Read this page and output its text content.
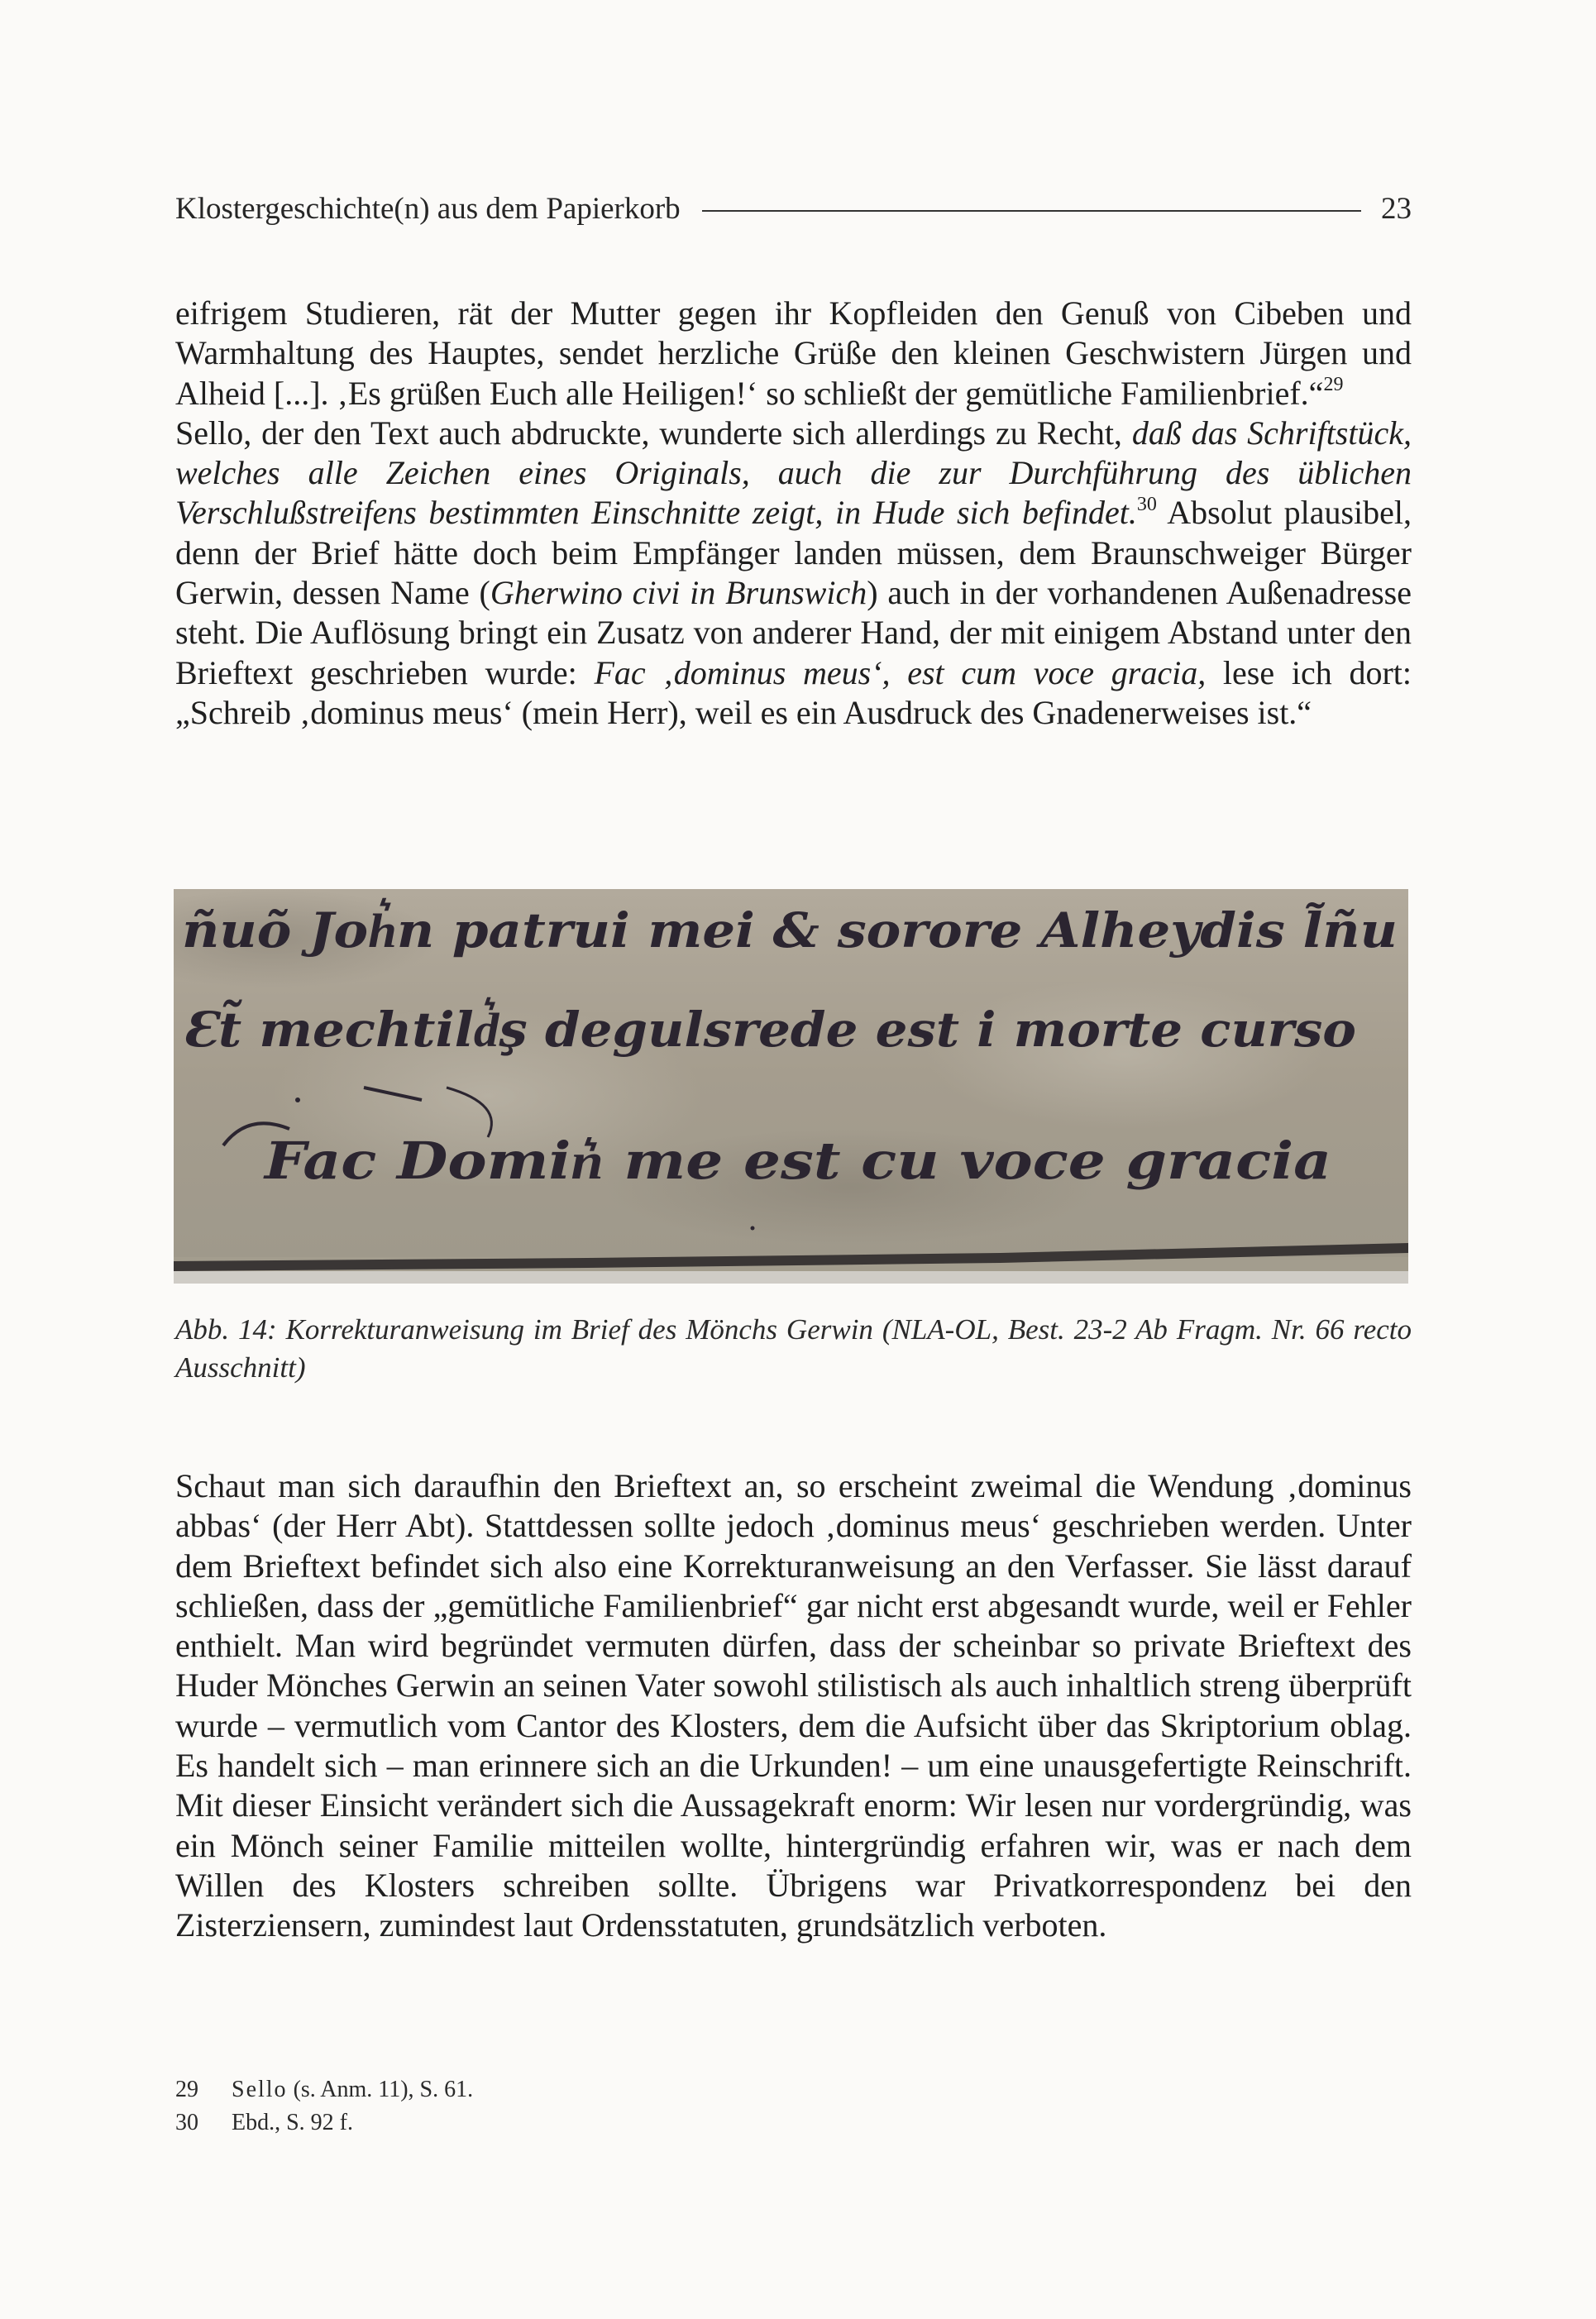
Klostergeschichte(n) aus dem Papierkorb	23

eifrigem Studieren, rät der Mutter gegen ihr Kopfleiden den Genuß von Cibeben und Warmhaltung des Hauptes, sendet herzliche Grüße den kleinen Geschwistern Jürgen und Alheid [...]. ‚Es grüßen Euch alle Heiligen!‘ so schließt der gemütliche Familienbrief.“$^{29}$
Sello, der den Text auch abdruckte, wunderte sich allerdings zu Recht, daß das Schriftstück, welches alle Zeichen eines Originals, auch die zur Durchführung des üblichen Verschlußstreifens bestimmten Einschnitte zeigt, in Hude sich befindet.$^{30}$ Absolut plausibel, denn der Brief hätte doch beim Empfänger landen müssen, dem Braunschweiger Bürger Gerwin, dessen Name (Gherwino civi in Brunswich) auch in der vorhandenen Außenadresse steht. Die Auflösung bringt ein Zusatz von anderer Hand, der mit einigem Abstand unter den Brieftext geschrieben wurde: Fac ‚dominus meus‘, est cum voce gracia, lese ich dort: „Schreib ‚dominus meus‘ (mein Herr), weil es ein Ausdruck des Gnadenerweises ist.“

ñuõ Joh͛n patrui mei & sorore Alheydis l̃ñu
Ɛt̃ mechtild͛ş degulsrede est i morte curso
Fac Domin͛ me est cu voce gracia

Abb. 14: Korrekturanweisung im Brief des Mönchs Gerwin (NLA-OL, Best. 23-2 Ab Fragm. Nr. 66 recto Ausschnitt)

Schaut man sich daraufhin den Brieftext an, so erscheint zweimal die Wendung ‚dominus abbas‘ (der Herr Abt). Stattdessen sollte jedoch ‚dominus meus‘ geschrieben werden. Unter dem Brieftext befindet sich also eine Korrekturanweisung an den Verfasser. Sie lässt darauf schließen, dass der „gemütliche Familienbrief“ gar nicht erst abgesandt wurde, weil er Fehler enthielt. Man wird begründet vermuten dürfen, dass der scheinbar so private Brieftext des Huder Mönches Gerwin an seinen Vater sowohl stilistisch als auch inhaltlich streng überprüft wurde – vermutlich vom Cantor des Klosters, dem die Aufsicht über das Skriptorium oblag. Es handelt sich – man erinnere sich an die Urkunden! – um eine unausgefertigte Reinschrift. Mit dieser Einsicht verändert sich die Aussagekraft enorm: Wir lesen nur vordergründig, was ein Mönch seiner Familie mitteilen wollte, hintergründig erfahren wir, was er nach dem Willen des Klosters schreiben sollte. Übrigens war Privatkorrespondenz bei den Zisterziensern, zumindest laut Ordensstatuten, grundsätzlich verboten.

29	Sello (s. Anm. 11), S. 61.
30	Ebd., S. 92 f.
